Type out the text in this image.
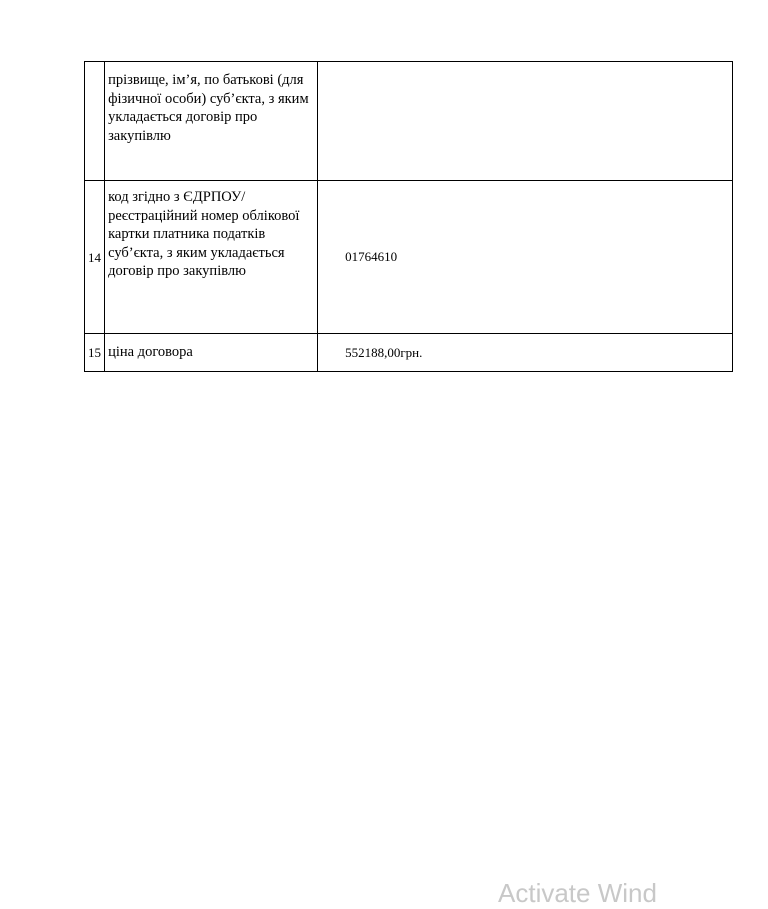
	прізвище, ім’я, по батькові (для фізичної особи) суб’єкта, з яким укладається договір про закупівлю	
14	код згідно з ЄДРПОУ/реєстраційний номер облікової картки платника податків суб’єкта, з яким укладається договір про закупівлю	01764610
15	ціна договора	552188,00грн.
Activate Wind
